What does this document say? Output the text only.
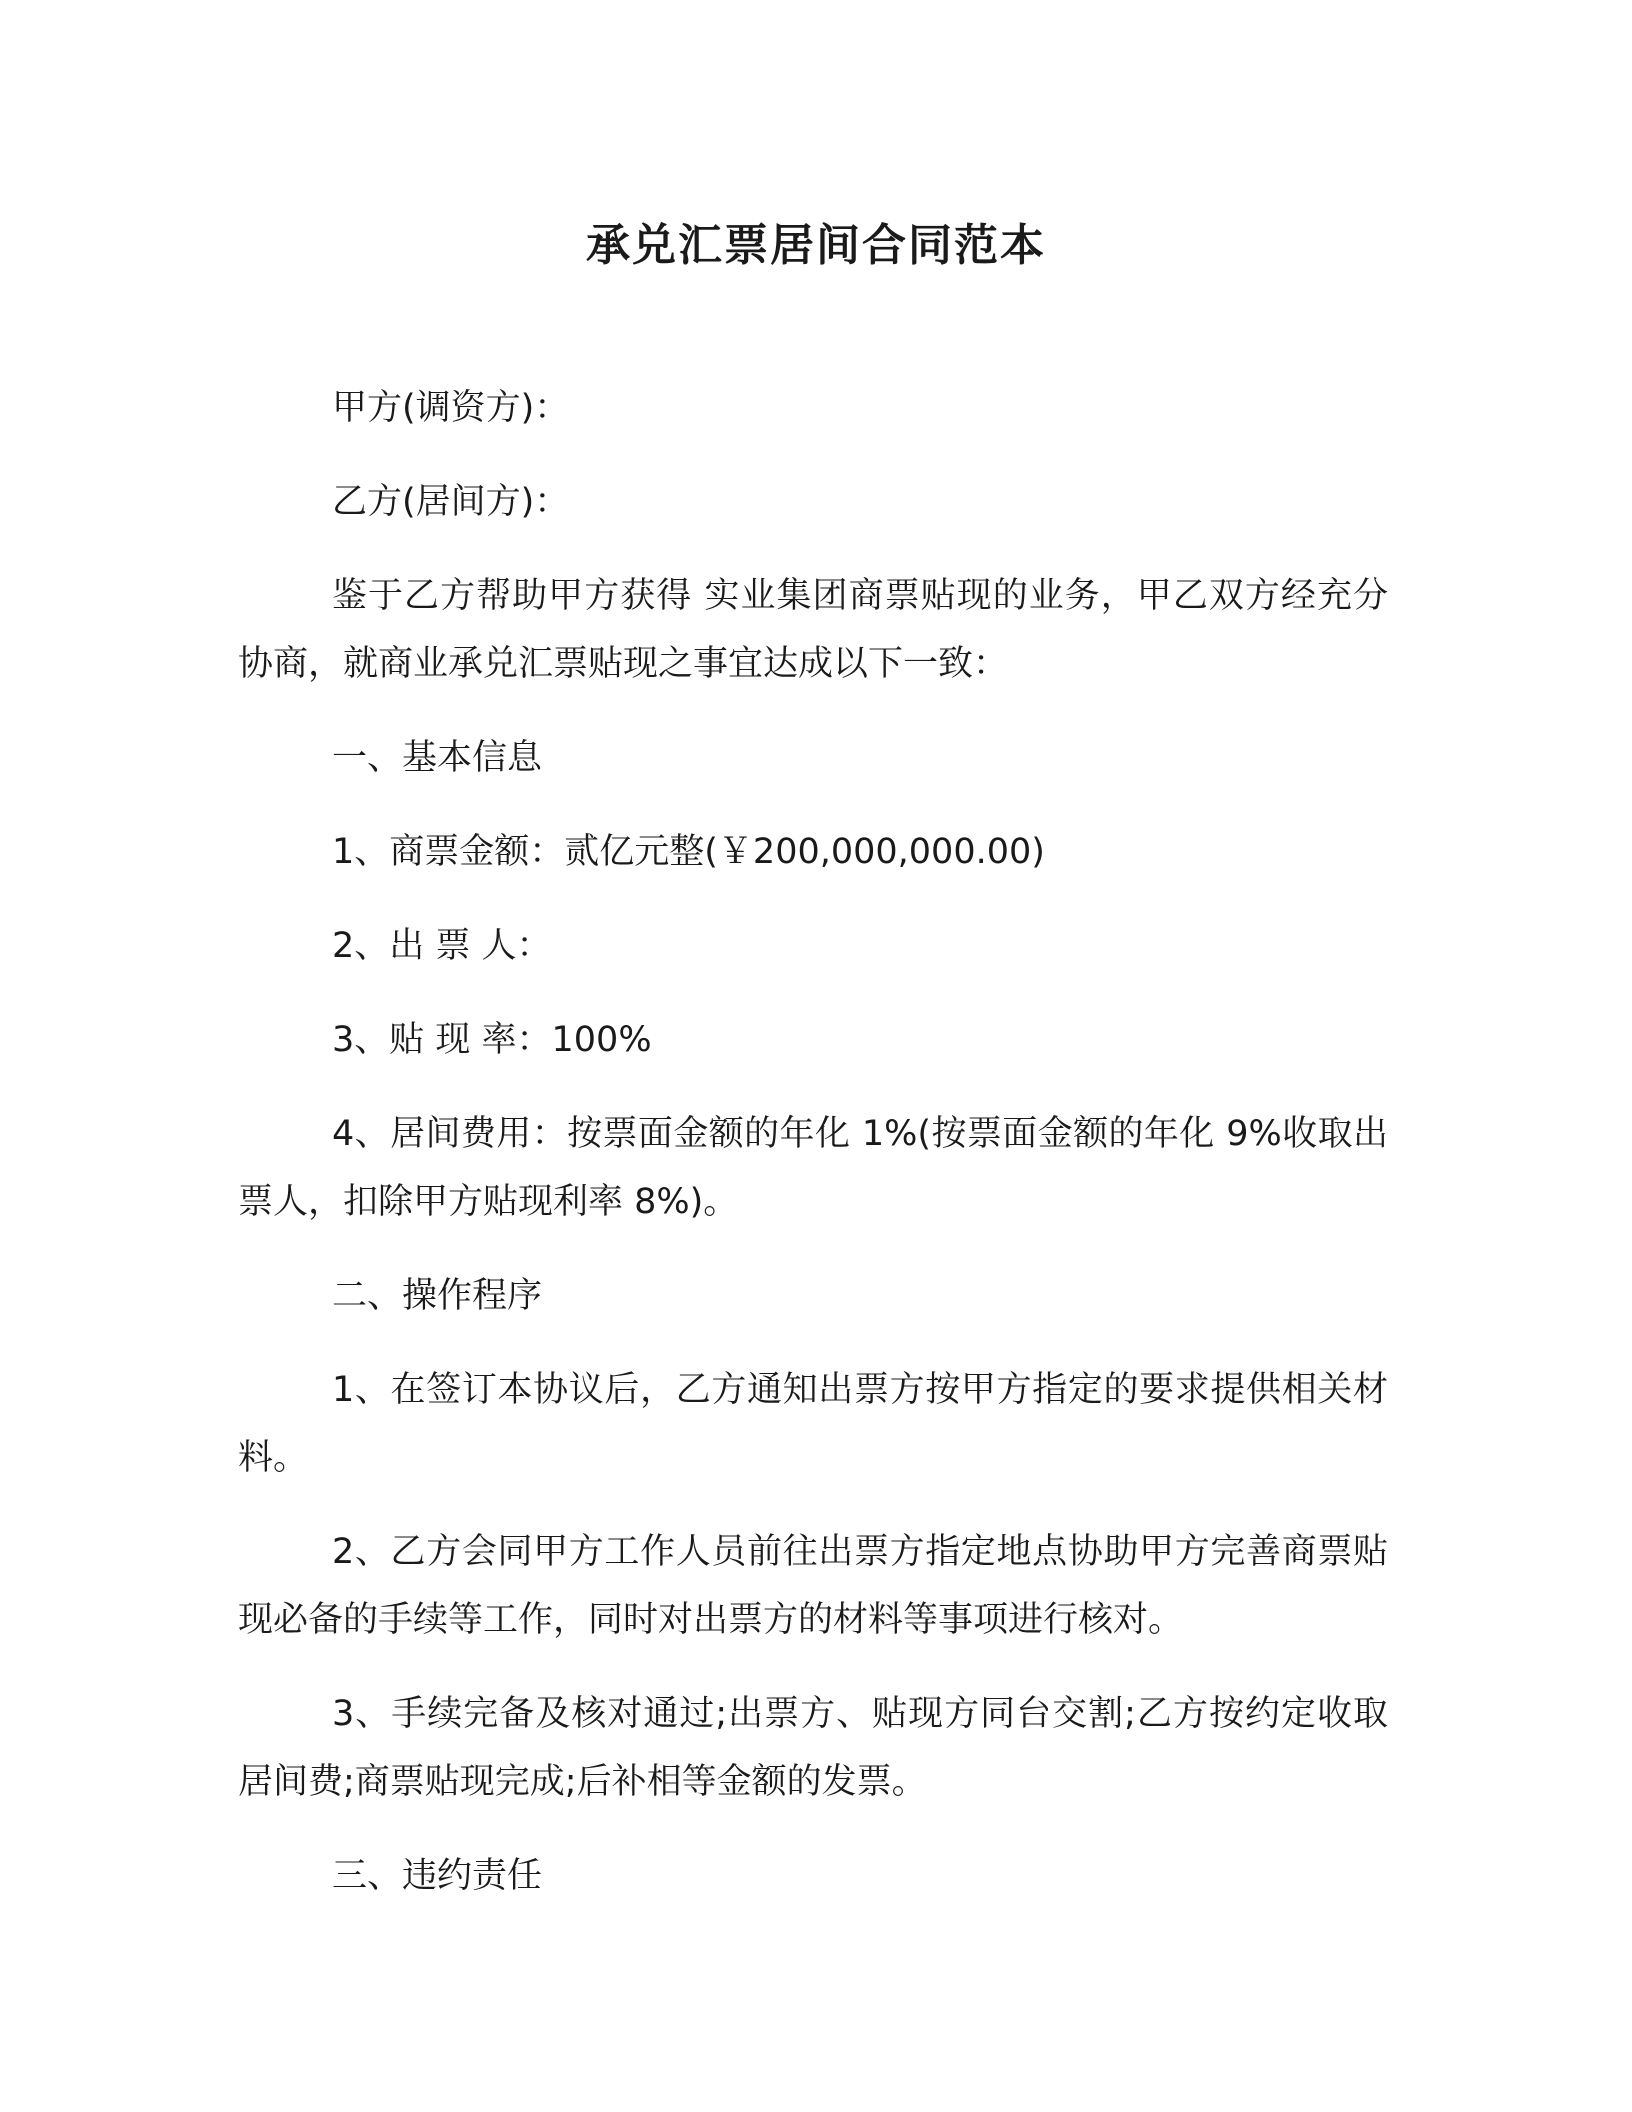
承兑汇票居间合同范本

甲方(调资方)：

乙方(居间方)：

鉴于乙方帮助甲方获得 实业集团商票贴现的业务，甲乙双方经充分协商，就商业承兑汇票贴现之事宜达成以下一致：

一、基本信息

1、商票金额：贰亿元整(￥200,000,000.00)

2、出 票 人：

3、贴 现 率：100%

4、居间费用：按票面金额的年化 1%(按票面金额的年化 9%收取出票人，扣除甲方贴现利率 8%)。

二、操作程序

1、在签订本协议后，乙方通知出票方按甲方指定的要求提供相关材料。

2、乙方会同甲方工作人员前往出票方指定地点协助甲方完善商票贴现必备的手续等工作，同时对出票方的材料等事项进行核对。

3、手续完备及核对通过;出票方、贴现方同台交割;乙方按约定收取居间费;商票贴现完成;后补相等金额的发票。

三、违约责任
